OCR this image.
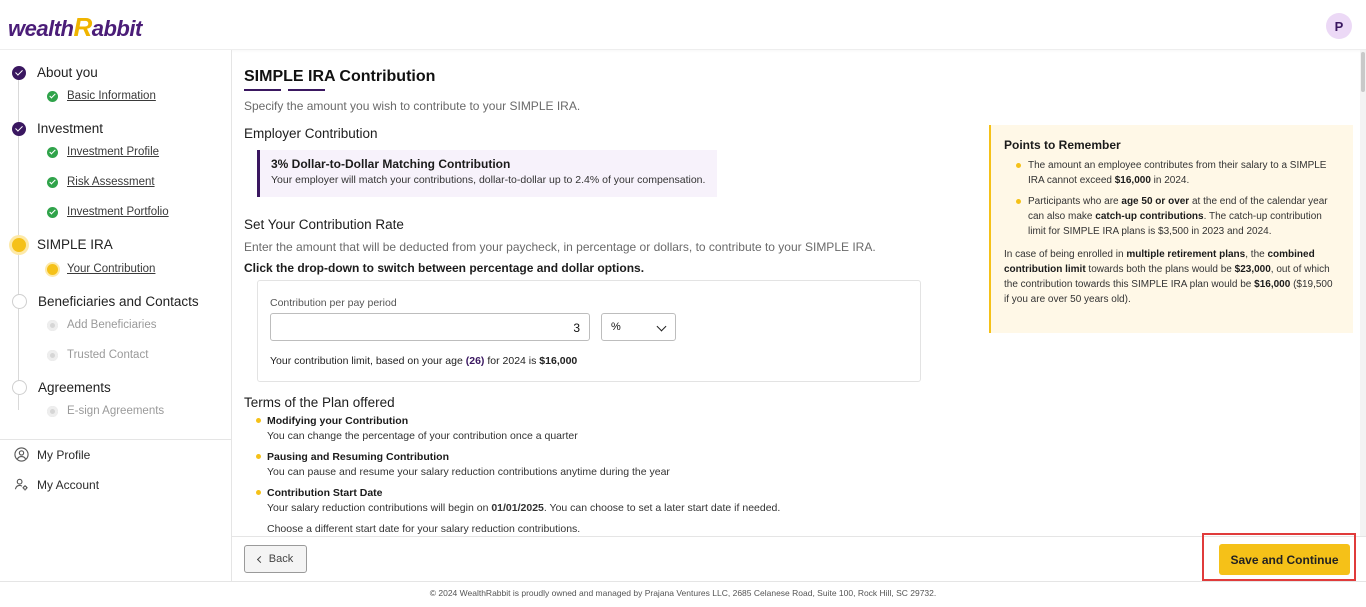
wealthRabbit	P
About you
Basic Information
Investment
Investment Profile
Risk Assessment
Investment Portfolio
SIMPLE IRA
Your Contribution
Beneficiaries and Contacts
Add Beneficiaries
Trusted Contact
Agreements
E-sign Agreements
My Profile
My Account
SIMPLE IRA Contribution
Specify the amount you wish to contribute to your SIMPLE IRA.
Employer Contribution
3% Dollar-to-Dollar Matching Contribution
Your employer will match your contributions, dollar-to-dollar up to 2.4% of your compensation.
Set Your Contribution Rate
Enter the amount that will be deducted from your paycheck, in percentage or dollars, to contribute to your SIMPLE IRA.
Click the drop-down to switch between percentage and dollar options.
Contribution per pay period
3	%
Your contribution limit, based on your age (26) for 2024 is $16,000
Terms of the Plan offered
Modifying your Contribution
You can change the percentage of your contribution once a quarter
Pausing and Resuming Contribution
You can pause and resume your salary reduction contributions anytime during the year
Contribution Start Date
Your salary reduction contributions will begin on 01/01/2025. You can choose to set a later start date if needed.
Choose a different start date for your salary reduction contributions.
Points to Remember
The amount an employee contributes from their salary to a SIMPLE IRA cannot exceed $16,000 in 2024.
Participants who are age 50 or over at the end of the calendar year can also make catch-up contributions. The catch-up contribution limit for SIMPLE IRA plans is $3,500 in 2023 and 2024.

In case of being enrolled in multiple retirement plans, the combined contribution limit towards both the plans would be $23,000, out of which the contribution towards this SIMPLE IRA plan would be $16,000 ($19,500 if you are over 50 years old).

Back	Save and Continue
© 2024 WealthRabbit is proudly owned and managed by Prajana Ventures LLC, 2685 Celanese Road, Suite 100, Rock Hill, SC 29732.
